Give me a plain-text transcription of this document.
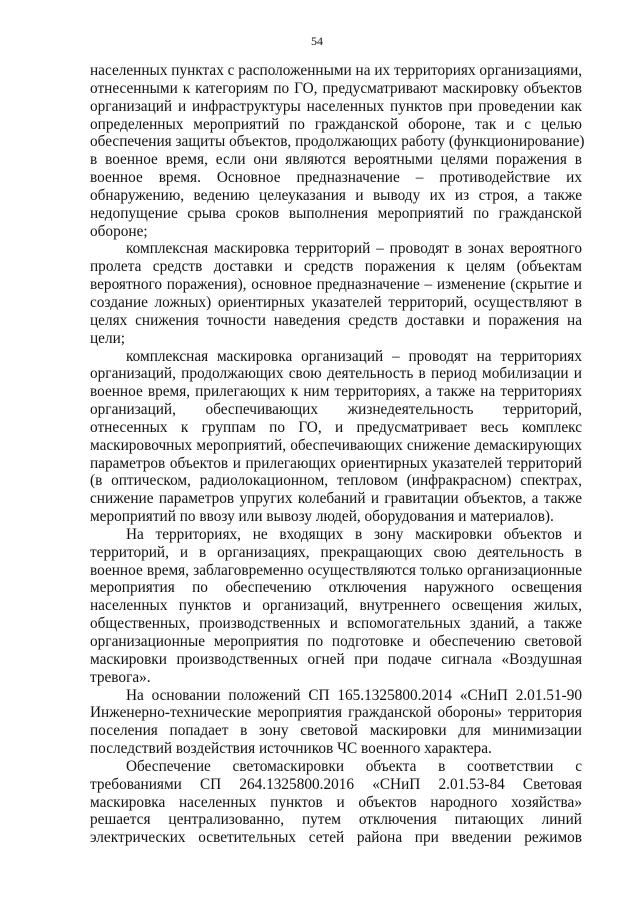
54
населенных пунктах с расположенными на их территориях организациями,
отнесенными к категориям по ГО, предусматривают маскировку объектов
организаций и инфраструктуры населенных пунктов при проведении как
определенных мероприятий по гражданской обороне, так и с целью
обеспечения защиты объектов, продолжающих работу (функционирование)
в военное время, если они являются вероятными целями поражения в
военное время. Основное предназначение – противодействие их
обнаружению, ведению целеуказания и выводу их из строя, а также
недопущение срыва сроков выполнения мероприятий по гражданской
обороне;
комплексная маскировка территорий – проводят в зонах вероятного
пролета средств доставки и средств поражения к целям (объектам
вероятного поражения), основное предназначение – изменение (скрытие и
создание ложных) ориентирных указателей территорий, осуществляют в
целях снижения точности наведения средств доставки и поражения на
цели;
комплексная маскировка организаций – проводят на территориях
организаций, продолжающих свою деятельность в период мобилизации и
военное время, прилегающих к ним территориях, а также на территориях
организаций, обеспечивающих жизнедеятельность территорий,
отнесенных к группам по ГО, и предусматривает весь комплекс
маскировочных мероприятий, обеспечивающих снижение демаскирующих
параметров объектов и прилегающих ориентирных указателей территорий
(в оптическом, радиолокационном, тепловом (инфракрасном) спектрах,
снижение параметров упругих колебаний и гравитации объектов, а также
мероприятий по ввозу или вывозу людей, оборудования и материалов).
На территориях, не входящих в зону маскировки объектов и
территорий, и в организациях, прекращающих свою деятельность в
военное время, заблаговременно осуществляются только организационные
мероприятия по обеспечению отключения наружного освещения
населенных пунктов и организаций, внутреннего освещения жилых,
общественных, производственных и вспомогательных зданий, а также
организационные мероприятия по подготовке и обеспечению световой
маскировки производственных огней при подаче сигнала «Воздушная
тревога».
На основании положений СП 165.1325800.2014 «СНиП 2.01.51-90
Инженерно-технические мероприятия гражданской обороны» территория
поселения попадает в зону световой маскировки для минимизации
последствий воздействия источников ЧС военного характера.
Обеспечение светомаскировки объекта в соответствии с
требованиями СП 264.1325800.2016 «СНиП 2.01.53-84 Световая
маскировка населенных пунктов и объектов народного хозяйства»
решается централизованно, путем отключения питающих линий
электрических осветительных сетей района при введении режимов
